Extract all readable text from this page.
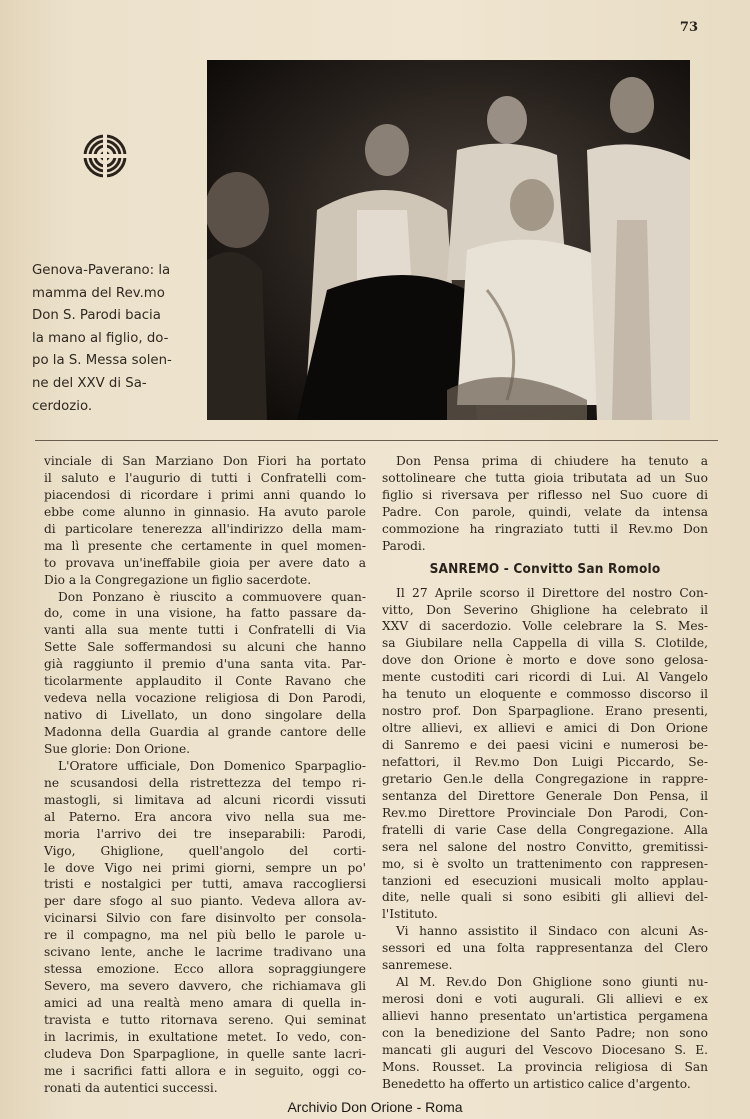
73
Genova-Paverano: la
mamma del Rev.mo
Don S. Parodi bacia
la mano al figlio, do-
po la S. Messa solen-
ne del XXV di Sa-
cerdozio.
vinciale di San Marziano Don Fiori ha portato
il saluto e l'augurio di tutti i Confratelli com-
piacendosi di ricordare i primi anni quando lo
ebbe come alunno in ginnasio. Ha avuto parole
di particolare tenerezza all'indirizzo della mam-
ma lì presente che certamente in quel momen-
to provava un'ineffabile gioia per avere dato a
Dio a la Congregazione un figlio sacerdote.
Don Ponzano è riuscito a commuovere quan-
do, come in una visione, ha fatto passare da-
vanti alla sua mente tutti i Confratelli di Via
Sette Sale soffermandosi su alcuni che hanno
già raggiunto il premio d'una santa vita. Par-
ticolarmente applaudito il Conte Ravano che
vedeva nella vocazione religiosa di Don Parodi,
nativo di Livellato, un dono singolare della
Madonna della Guardia al grande cantore delle
Sue glorie: Don Orione.
L'Oratore ufficiale, Don Domenico Sparpaglio-
ne scusandosi della ristrettezza del tempo ri-
mastogli, si limitava ad alcuni ricordi vissuti
al Paterno. Era ancora vivo nella sua me-
moria l'arrivo dei tre inseparabili: Parodi,
Vigo, Ghiglione, quell'angolo del corti-
le dove Vigo nei primi giorni, sempre un po'
tristi e nostalgici per tutti, amava raccogliersi
per dare sfogo al suo pianto. Vedeva allora av-
vicinarsi Silvio con fare disinvolto per consola-
re il compagno, ma nel più bello le parole u-
scivano lente, anche le lacrime tradivano una
stessa emozione. Ecco allora sopraggiungere
Severo, ma severo davvero, che richiamava gli
amici ad una realtà meno amara di quella in-
travista e tutto ritornava sereno. Qui seminat
in lacrimis, in exultatione metet. Io vedo, con-
cludeva Don Sparpaglione, in quelle sante lacri-
me i sacrifici fatti allora e in seguito, oggi co-
ronati da autentici successi.
Don Pensa prima di chiudere ha tenuto a
sottolineare che tutta gioia tributata ad un Suo
figlio si riversava per riflesso nel Suo cuore di
Padre. Con parole, quindi, velate da intensa
commozione ha ringraziato tutti il Rev.mo Don
Parodi.
SANREMO - Convitto San Romolo
Il 27 Aprile scorso il Direttore del nostro Con-
vitto, Don Severino Ghiglione ha celebrato il
XXV di sacerdozio. Volle celebrare la S. Mes-
sa Giubilare nella Cappella di villa S. Clotilde,
dove don Orione è morto e dove sono gelosa-
mente custoditi cari ricordi di Lui. Al Vangelo
ha tenuto un eloquente e commosso discorso il
nostro prof. Don Sparpaglione. Erano presenti,
oltre allievi, ex allievi e amici di Don Orione
di Sanremo e dei paesi vicini e numerosi be-
nefattori, il Rev.mo Don Luigi Piccardo, Se-
gretario Gen.le della Congregazione in rappre-
sentanza del Direttore Generale Don Pensa, il
Rev.mo Direttore Provinciale Don Parodi, Con-
fratelli di varie Case della Congregazione. Alla
sera nel salone del nostro Convitto, gremitissi-
mo, si è svolto un trattenimento con rappresen-
tanzioni ed esecuzioni musicali molto applau-
dite, nelle quali si sono esibiti gli allievi del-
l'Istituto.
Vi hanno assistito il Sindaco con alcuni As-
sessori ed una folta rappresentanza del Clero
sanremese.
Al M. Rev.do Don Ghiglione sono giunti nu-
merosi doni e voti augurali. Gli allievi e ex
allievi hanno presentato un'artistica pergamena
con la benedizione del Santo Padre; non sono
mancati gli auguri del Vescovo Diocesano S. E.
Mons. Rousset. La provincia religiosa di San
Benedetto ha offerto un artistico calice d'argento.
Archivio Don Orione - Roma
